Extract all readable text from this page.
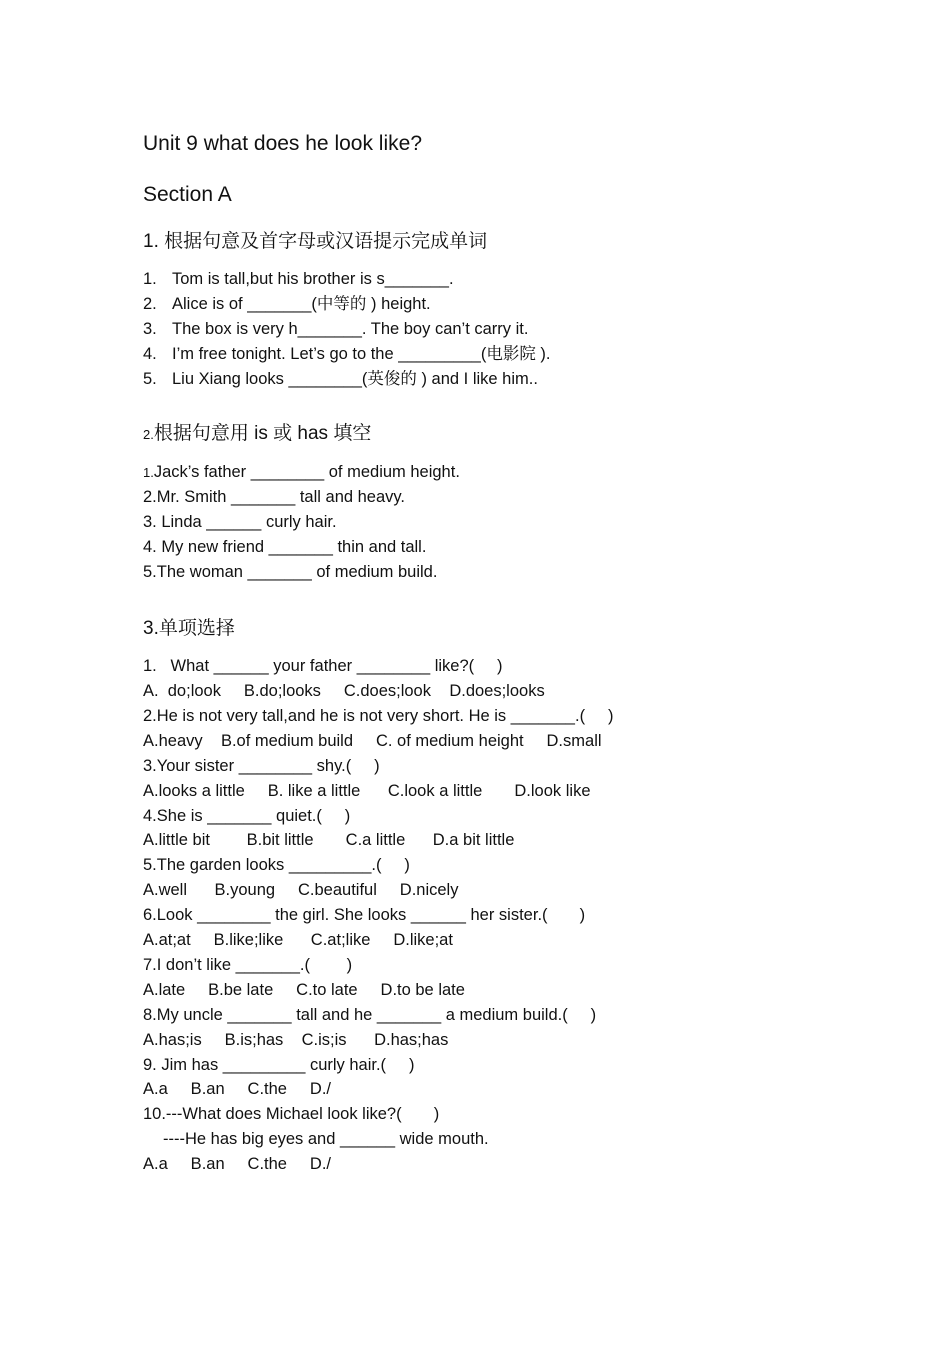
Unit 9 what does he look like?
Section A
1. 根据句意及首字母或汉语提示完成单词
1. Tom is tall,but his brother is s_______.
2. Alice is of _______(中等的 ) height.
3. The box is very h_______. The boy can’t carry it.
4. I’m free tonight. Let’s go to the _________(电影院 ).
5. Liu Xiang looks ________(英俊的 ) and I like him..
2.根据句意用 is 或 has 填空
1.Jack’s father ________ of medium height.
2.Mr. Smith _______ tall and heavy.
3. Linda ______ curly hair.
4. My new friend _______ thin and tall.
5.The woman _______ of medium build.
3.单项选择
1.   What ______ your father ________ like?(     )
A.  do;look     B.do;looks     C.does;look    D.does;looks
2.He is not very tall,and he is not very short. He is _______.(     )
A.heavy    B.of medium build     C. of medium height     D.small
3.Your sister ________ shy.(     )
A.looks a little     B. like a little      C.look a little       D.look like
4.She is _______ quiet.(     )
A.little bit        B.bit little       C.a little      D.a bit little
5.The garden looks _________.(     )
A.well      B.young     C.beautiful     D.nicely
6.Look ________ the girl. She looks ______ her sister.(       )
A.at;at     B.like;like      C.at;like     D.like;at
7.I don’t like _______.(        )
A.late     B.be late     C.to late     D.to be late
8.My uncle _______ tall and he _______ a medium build.(     )
A.has;is     B.is;has    C.is;is      D.has;has
9. Jim has _________ curly hair.(     )
A.a     B.an     C.the     D./
10.---What does Michael look like?(       )
----He has big eyes and ______ wide mouth.
A.a     B.an     C.the     D./
